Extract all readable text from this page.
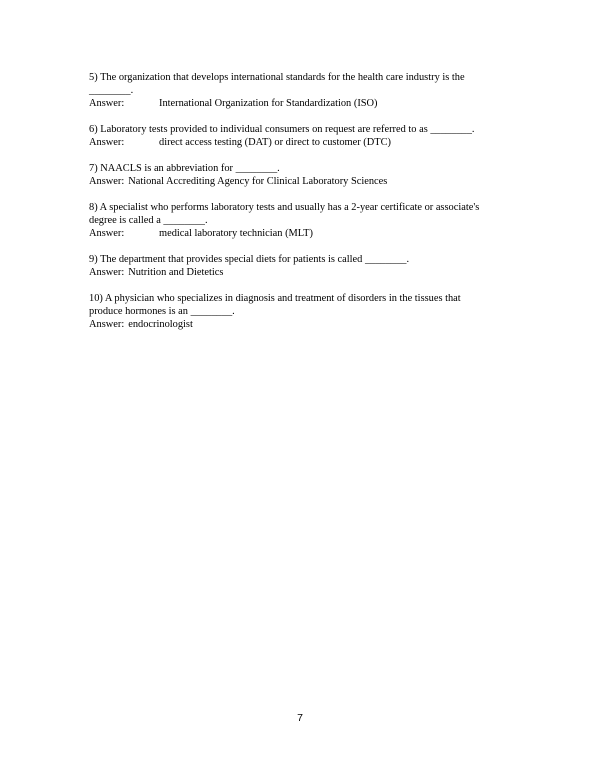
5) The organization that develops international standards for the health care industry is the
________.
Answer:	International Organization for Standardization (ISO)
6) Laboratory tests provided to individual consumers on request are referred to as ________.
Answer:	direct access testing (DAT) or direct to customer (DTC)
7) NAACLS is an abbreviation for ________.
Answer: National Accrediting Agency for Clinical Laboratory Sciences
8) A specialist who performs laboratory tests and usually has a 2-year certificate or associate's
degree is called a ________.
Answer:	medical laboratory technician (MLT)
9) The department that provides special diets for patients is called ________.
Answer: Nutrition and Dietetics
10) A physician who specializes in diagnosis and treatment of disorders in the tissues that
produce hormones is an ________.
Answer: endocrinologist
7
